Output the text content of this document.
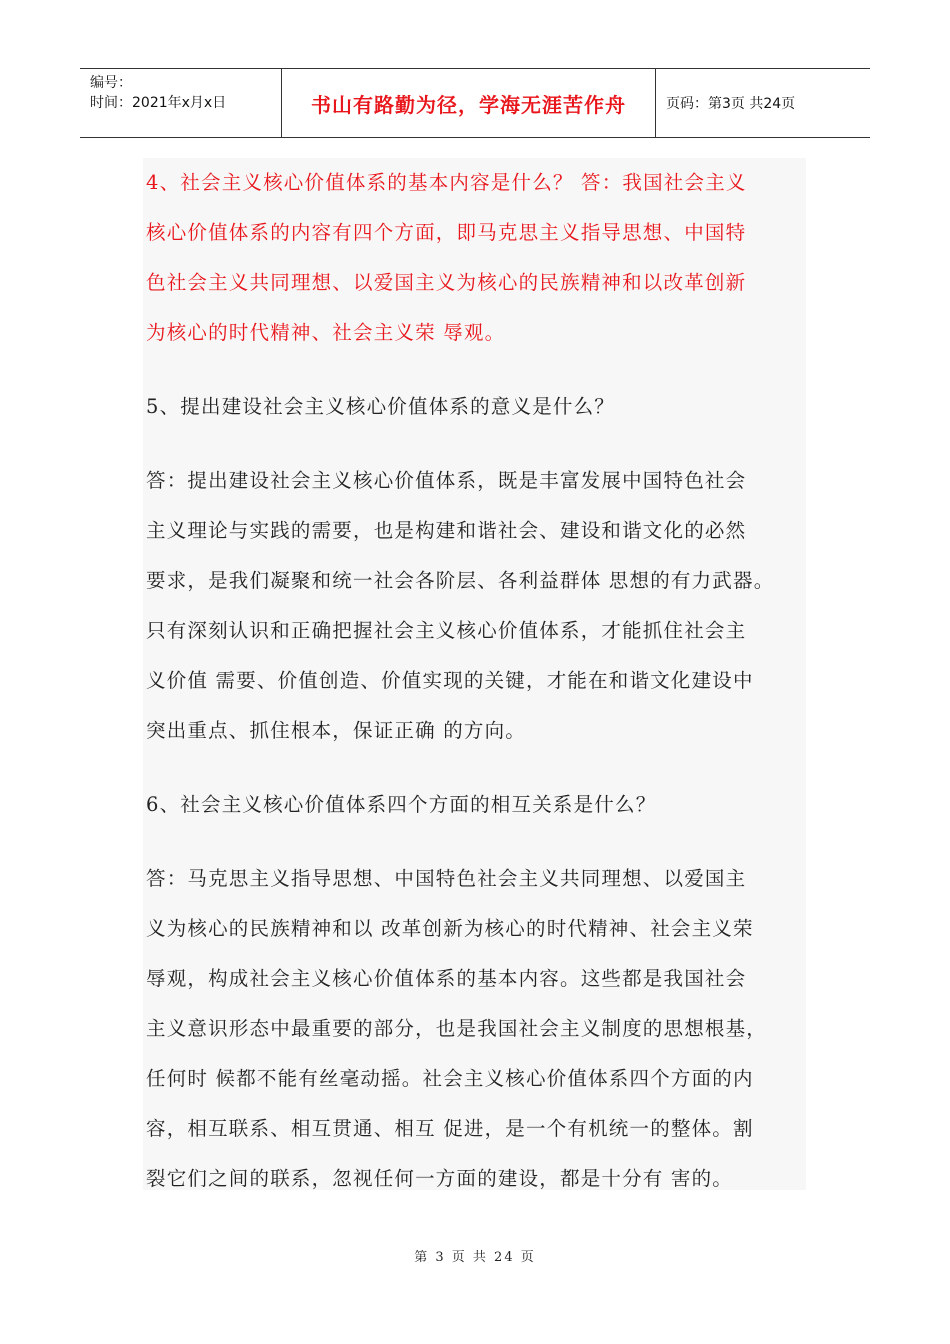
编号：
时间：2021年x月x日	书山有路勤为径，学海无涯苦作舟	页码：第3页 共24页

4、社会主义核心价值体系的基本内容是什么？ 答：我国社会主义
核心价值体系的内容有四个方面，即马克思主义指导思想、中国特
色社会主义共同理想、以爱国主义为核心的民族精神和以改革创新
为核心的时代精神、社会主义荣 辱观。

5、提出建设社会主义核心价值体系的意义是什么？

答：提出建设社会主义核心价值体系，既是丰富发展中国特色社会
主义理论与实践的需要，也是构建和谐社会、建设和谐文化的必然
要求，是我们凝聚和统一社会各阶层、各利益群体 思想的有力武器。
只有深刻认识和正确把握社会主义核心价值体系，才能抓住社会主
义价值 需要、价值创造、价值实现的关键，才能在和谐文化建设中
突出重点、抓住根本，保证正确 的方向。

6、社会主义核心价值体系四个方面的相互关系是什么？

答：马克思主义指导思想、中国特色社会主义共同理想、以爱国主
义为核心的民族精神和以 改革创新为核心的时代精神、社会主义荣
辱观，构成社会主义核心价值体系的基本内容。这些都是我国社会
主义意识形态中最重要的部分，也是我国社会主义制度的思想根基，
任何时 候都不能有丝毫动摇。社会主义核心价值体系四个方面的内
容，相互联系、相互贯通、相互 促进，是一个有机统一的整体。割
裂它们之间的联系，忽视任何一方面的建设，都是十分有 害的。

第 3 页 共 24 页
